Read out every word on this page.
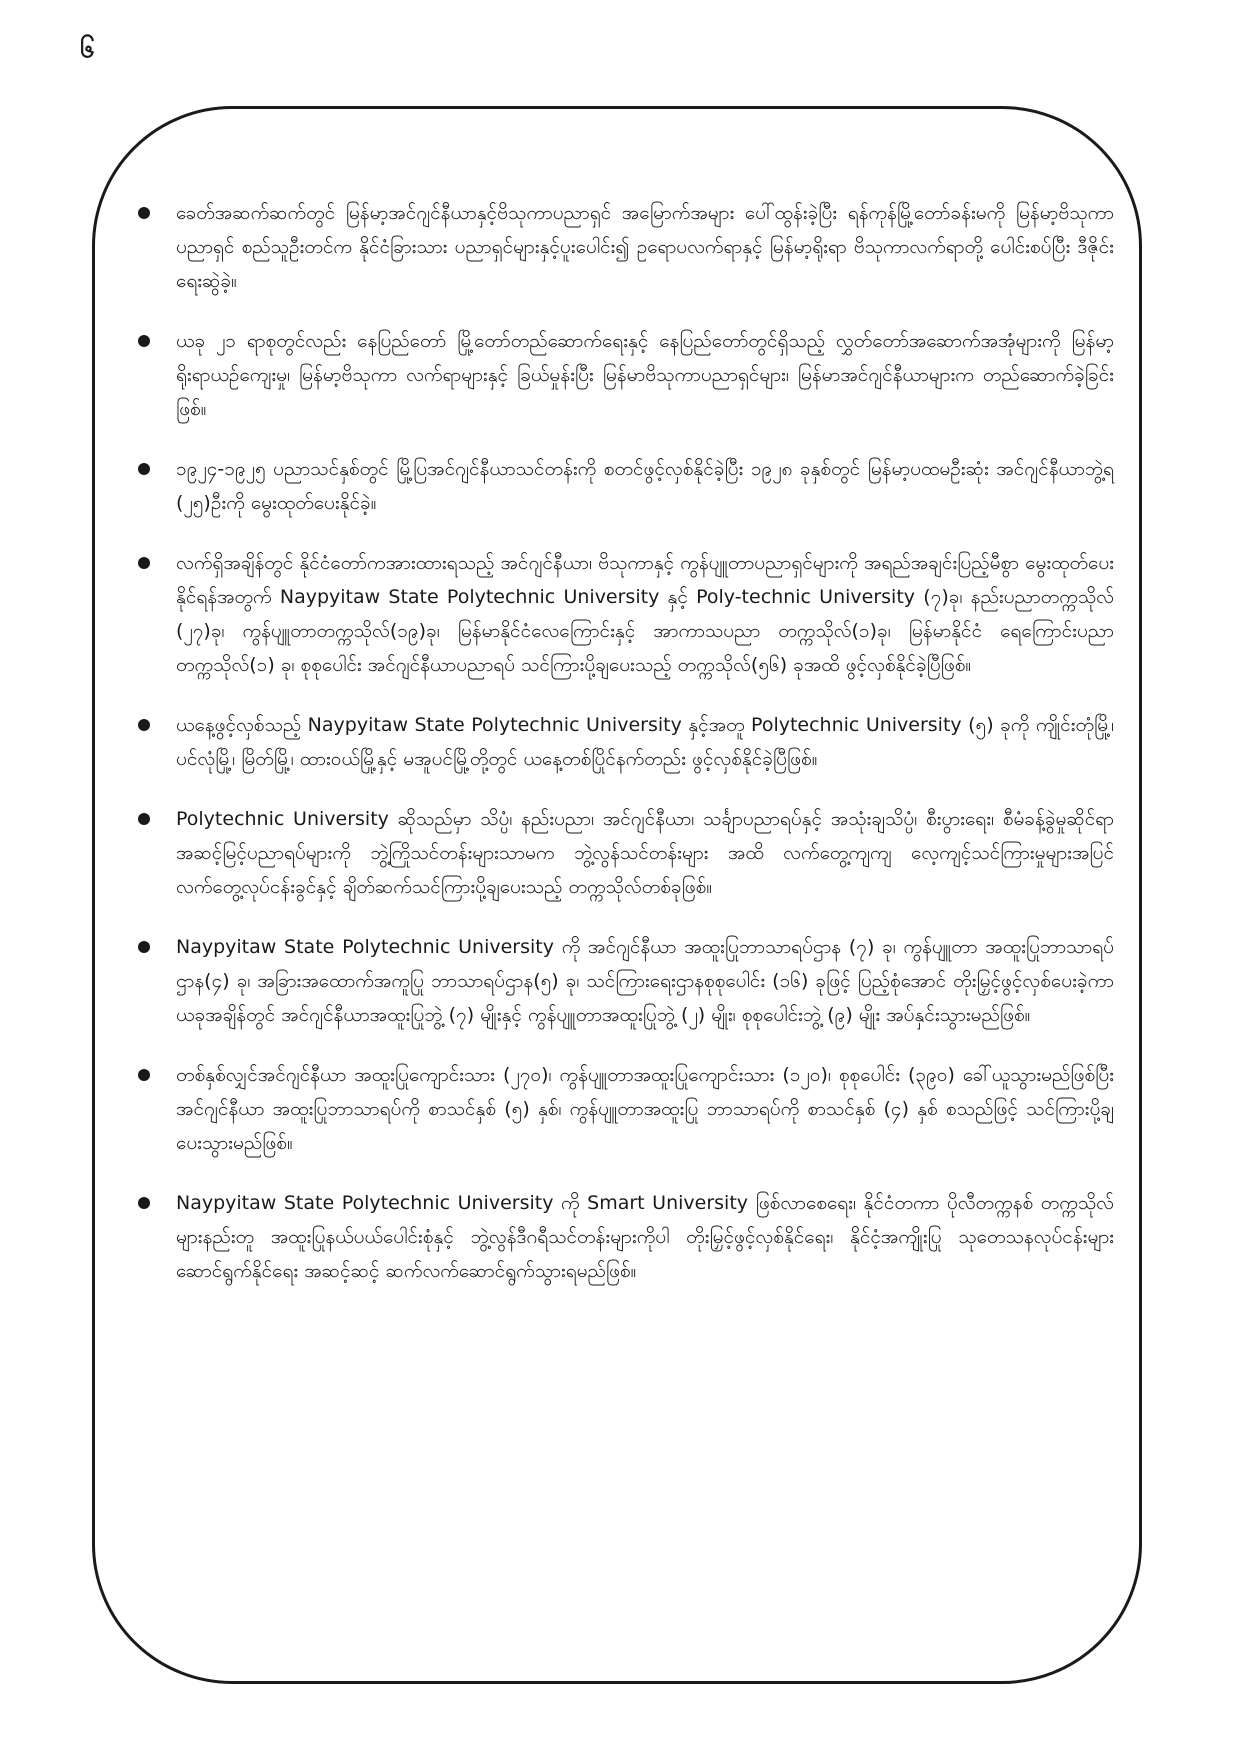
၆
ခေတ်အဆက်ဆက်တွင် မြန်မာ့အင်ဂျင်နီယာနှင့်ဗိသုကာပညာရှင် အမြောက်အများ ပေါ်ထွန်းခဲ့ပြီး ရန်ကုန်မြို့တော်ခန်းမကို မြန်မာ့ဗိသုကာပညာရှင် စည်သူဦးတင်က နိုင်ငံခြားသား ပညာရှင်များနှင့်ပူးပေါင်း၍ ဥရောပလက်ရာနှင့် မြန်မာ့ရိုးရာ ဗိသုကာလက်ရာတို့ ပေါင်းစပ်ပြီး ဒီဇိုင်းရေးဆွဲခဲ့။
ယခု ၂၁ ရာစုတွင်လည်း နေပြည်တော် မြို့တော်တည်ဆောက်ရေးနှင့် နေပြည်တော်တွင်ရှိသည့် လွှတ်တော်အဆောက်အအုံများကို မြန်မာ့ရိုးရာယဉ်ကျေးမှု၊ မြန်မာ့ဗိသုကာ လက်ရာများနှင့် ခြယ်မှုန်းပြီး မြန်မာဗိသုကာပညာရှင်များ၊ မြန်မာအင်ဂျင်နီယာများက တည်ဆောက်ခဲ့ခြင်းဖြစ်။
၁၉၂၄-၁၉၂၅ ပညာသင်နှစ်တွင် မြို့ပြအင်ဂျင်နီယာသင်တန်းကို စတင်ဖွင့်လှစ်နိုင်ခဲ့ပြီး ၁၉၂၈ ခုနှစ်တွင် မြန်မာ့ပထမဦးဆုံး အင်ဂျင်နီယာဘွဲ့ရ (၂၅)ဦးကို မွေးထုတ်ပေးနိုင်ခဲ့။
လက်ရှိအချိန်တွင် နိုင်ငံတော်ကအားထားရသည့် အင်ဂျင်နီယာ၊ ဗိသုကာနှင့် ကွန်ပျူတာပညာရှင်များကို အရည်အချင်းပြည့်မီစွာ မွေးထုတ်ပေးနိုင်ရန်အတွက် Naypyitaw State Polytechnic University နှင့် Poly-technic University (၇)ခု၊ နည်းပညာတက္ကသိုလ် (၂၇)ခု၊ ကွန်ပျူတာတက္ကသိုလ်(၁၉)ခု၊ မြန်မာနိုင်ငံလေကြောင်းနှင့် အာကာသပညာ တက္ကသိုလ်(၁)ခု၊ မြန်မာနိုင်ငံ ရေကြောင်းပညာ တက္ကသိုလ်(၁) ခု၊ စုစုပေါင်း အင်ဂျင်နီယာပညာရပ် သင်ကြားပို့ချပေးသည့် တက္ကသိုလ်(၅၆) ခုအထိ ဖွင့်လှစ်နိုင်ခဲ့ပြီဖြစ်။
ယနေ့ဖွင့်လှစ်သည့် Naypyitaw State Polytechnic University နှင့်အတူ Polytechnic University (၅) ခုကို ကျိုင်းတုံမြို့၊ ပင်လုံမြို့၊ မြိတ်မြို့၊ ထားဝယ်မြို့နှင့် မအူပင်မြို့တို့တွင် ယနေ့တစ်ပြိုင်နက်တည်း ဖွင့်လှစ်နိုင်ခဲ့ပြီဖြစ်။
Polytechnic University ဆိုသည်မှာ သိပ္ပံ၊ နည်းပညာ၊ အင်ဂျင်နီယာ၊ သင်္ချာပညာရပ်နှင့် အသုံးချသိပ္ပံ၊ စီးပွားရေး၊ စီမံခန့်ခွဲမှုဆိုင်ရာ အဆင့်မြင့်ပညာရပ်များကို ဘွဲ့ကြိုသင်တန်းများသာမက ဘွဲ့လွန်သင်တန်းများ အထိ လက်တွေ့ကျကျ လေ့ကျင့်သင်ကြားမှုများအပြင် လက်တွေ့လုပ်ငန်းခွင်နှင့် ချိတ်ဆက်သင်ကြားပို့ချပေးသည့် တက္ကသိုလ်တစ်ခုဖြစ်။
Naypyitaw State Polytechnic University ကို အင်ဂျင်နီယာ အထူးပြုဘာသာရပ်ဌာန (၇) ခု၊ ကွန်ပျူတာ အထူးပြုဘာသာရပ်ဌာန(၄) ခု၊ အခြားအထောက်အကူပြု ဘာသာရပ်ဌာန(၅) ခု၊ သင်ကြားရေးဌာနစုစုပေါင်း (၁၆) ခုဖြင့် ပြည့်စုံအောင် တိုးမြှင့်ဖွင့်လှစ်ပေးခဲ့ကာ ယခုအချိန်တွင် အင်ဂျင်နီယာအထူးပြုဘွဲ့ (၇) မျိုးနှင့် ကွန်ပျူတာအထူးပြုဘွဲ့ (၂) မျိုး၊ စုစုပေါင်းဘွဲ့ (၉) မျိုး အပ်နှင်းသွားမည်ဖြစ်။
တစ်နှစ်လျှင်အင်ဂျင်နီယာ အထူးပြုကျောင်းသား (၂၇၀)၊ ကွန်ပျူတာအထူးပြုကျောင်းသား (၁၂၀)၊ စုစုပေါင်း (၃၉၀) ခေါ်ယူသွားမည်ဖြစ်ပြီး အင်ဂျင်နီယာ အထူးပြုဘာသာရပ်ကို စာသင်နှစ် (၅) နှစ်၊ ကွန်ပျူတာအထူးပြု ဘာသာရပ်ကို စာသင်နှစ် (၄) နှစ် စသည်ဖြင့် သင်ကြားပို့ချပေးသွားမည်ဖြစ်။
Naypyitaw State Polytechnic University ကို Smart University ဖြစ်လာစေရေး၊ နိုင်ငံတကာ ပိုလီတက္ကနစ် တက္ကသိုလ်များနည်းတူ အထူးပြုနယ်ပယ်ပေါင်းစုံနှင့် ဘွဲ့လွန်ဒီဂရီသင်တန်းများကိုပါ တိုးမြှင့်ဖွင့်လှစ်နိုင်ရေး၊ နိုင်ငံ့အကျိုးပြု သုတေသနလုပ်ငန်းများ ဆောင်ရွက်နိုင်ရေး အဆင့်ဆင့် ဆက်လက်ဆောင်ရွက်သွားရမည်ဖြစ်။
